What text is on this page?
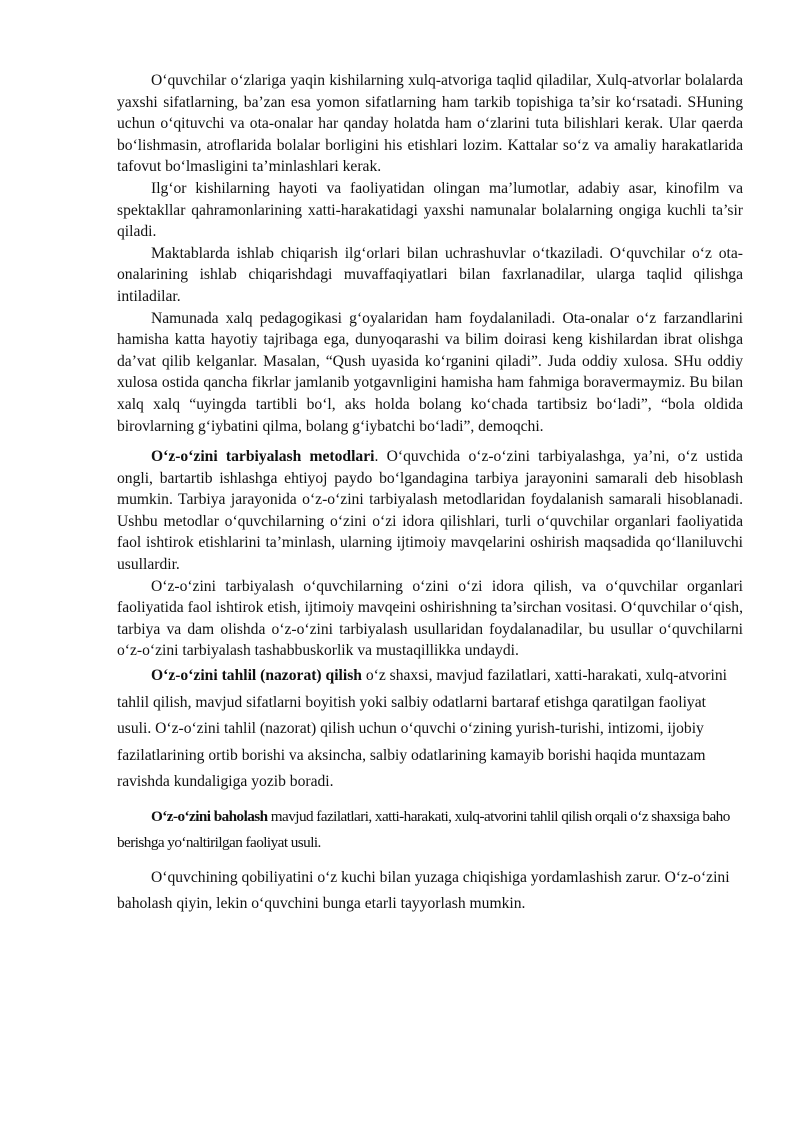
O‘quvchilar o‘zlariga yaqin kishilarning xulq-atvoriga taqlid qiladilar, Xulq-atvorlar bolalarda yaxshi sifatlarning, ba’zan esa yomon sifatlarning ham tarkib topishiga ta’sir ko‘rsatadi. SHuning uchun o‘qituvchi va ota-onalar har qanday holatda ham o‘zlarini tuta bilishlari kerak. Ular qaerda bo‘lishmasin, atroflarida bolalar borligini his etishlari lozim. Kattalar so‘z va amaliy harakatlarida tafovut bo‘lmasligini ta’minlashlari kerak.

Ilg‘or kishilarning hayoti va faoliyatidan olingan ma’lumotlar, adabiy asar, kinofilm va spektakllar qahramonlarining xatti-harakatidagi yaxshi namunalar bolalarning ongiga kuchli ta’sir qiladi.

Maktablarda ishlab chiqarish ilg‘orlari bilan uchrashuvlar o‘tkaziladi. O‘quvchilar o‘z ota-onalarining ishlab chiqarishdagi muvaffaqiyatlari bilan faxrlanadilar, ularga taqlid qilishga intiladilar.

Namunada xalq pedagogikasi g‘oyalaridan ham foydalaniladi. Ota-onalar o‘z farzandlarini hamisha katta hayotiy tajribaga ega, dunyoqarashi va bilim doirasi keng kishilardan ibrat olishga da’vat qilib kelganlar. Masalan, “Qush uyasida ko‘rganini qiladi”. Juda oddiy xulosa. SHu oddiy xulosa ostida qancha fikrlar jamlanib yotgavnligini hamisha ham fahmiga boravermaymiz. Bu bilan xalq xalq “uyingda tartibli bo‘l, aks holda bolang ko‘chada tartibsiz bo‘ladi”, “bola oldida birovlarning g‘iybatini qilma, bolang g‘iybatchi bo‘ladi”, demoqchi.

O‘z-o‘zini tarbiyalash metodlari. O‘quvchida o‘z-o‘zini tarbiyalashga, ya’ni, o‘z ustida ongli, bartartib ishlashga ehtiyoj paydo bo‘lgandagina tarbiya jarayonini samarali deb hisoblash mumkin. Tarbiya jarayonida o‘z-o‘zini tarbiyalash metodlaridan foydalanish samarali hisoblanadi. Ushbu metodlar o‘quvchilarning o‘zini o‘zi idora qilishlari, turli o‘quvchilar organlari faoliyatida faol ishtirok etishlarini ta’minlash, ularning ijtimoiy mavqelarini oshirish maqsadida qo‘llaniluvchi usullardir.

O‘z-o‘zini tarbiyalash o‘quvchilarning o‘zini o‘zi idora qilish, va o‘quvchilar organlari faoliyatida faol ishtirok etish, ijtimoiy mavqeini oshirishning ta’sirchan vositasi. O‘quvchilar o‘qish, tarbiya va dam olishda o‘z-o‘zini tarbiyalash usullaridan foydalanadilar, bu usullar o‘quvchilarni o‘z-o‘zini tarbiyalash tashabbuskorlik va mustaqillikka undaydi.

O‘z-o‘zini tahlil (nazorat) qilish o‘z shaxsi, mavjud fazilatlari, xatti-harakati, xulq-atvorini tahlil qilish, mavjud sifatlarni boyitish yoki salbiy odatlarni bartaraf etishga qaratilgan faoliyat usuli. O‘z-o‘zini tahlil (nazorat) qilish uchun o‘quvchi o‘zining yurish-turishi, intizomi, ijobiy fazilatlarining ortib borishi va aksincha, salbiy odatlarining kamayib borishi haqida muntazam ravishda kundaligiga yozib boradi.

O‘z-o‘zini baholash mavjud fazilatlari, xatti-harakati, xulq-atvorini tahlil qilish orqali o‘z shaxsiga baho berishga yo‘naltirilgan faoliyat usuli.

O‘quvchining qobiliyatini o‘z kuchi bilan yuzaga chiqishiga yordamlashish zarur. O‘z-o‘zini baholash qiyin, lekin o‘quvchini bunga etarli tayyorlash mumkin.
